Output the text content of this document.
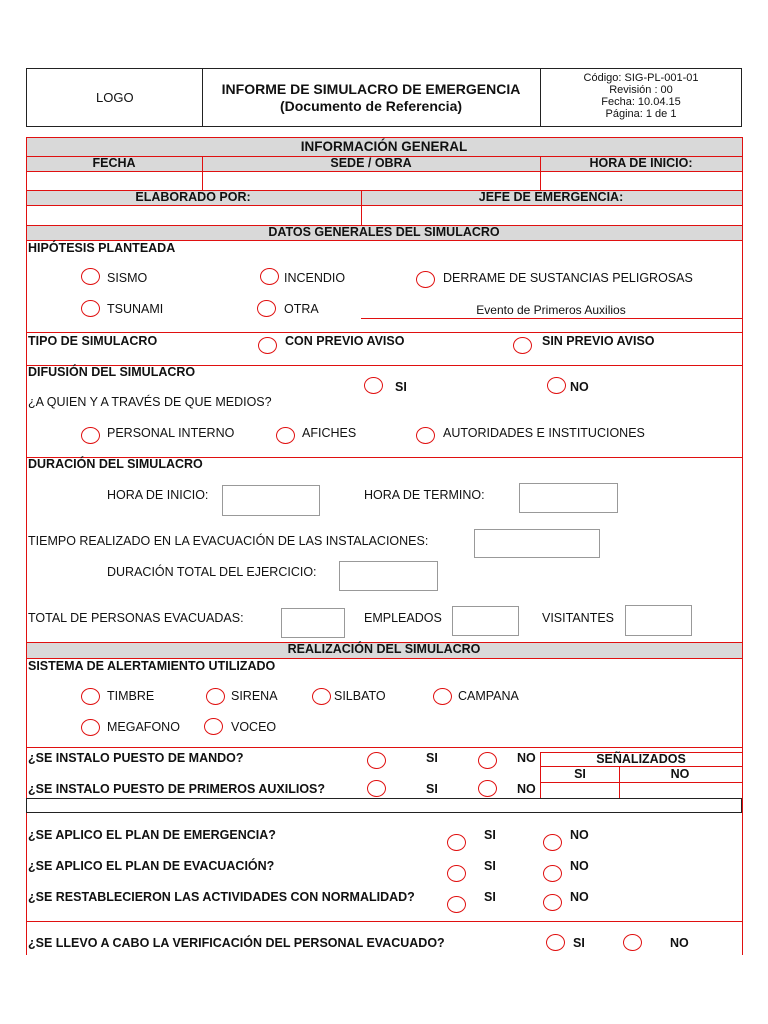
LOGO
INFORME DE SIMULACRO DE EMERGENCIA
(Documento de Referencia)
Código: SIG-PL-001-01
Revisión : 00
Fecha: 10.04.15
Página: 1 de 1
INFORMACIÓN GENERAL
FECHA	SEDE / OBRA	HORA DE INICIO:
ELABORADO POR:	JEFE DE EMERGENCIA:
DATOS GENERALES DEL SIMULACRO
HIPÓTESIS PLANTEADA
SISMO	INCENDIO	DERRAME DE SUSTANCIAS PELIGROSAS
TSUNAMI	OTRA	Evento de Primeros Auxilios
TIPO DE SIMULACRO	CON PREVIO AVISO	SIN PREVIO AVISO
DIFUSIÓN DEL SIMULACRO
SI	NO
¿A QUIEN Y A TRAVÉS DE QUE MEDIOS?
PERSONAL INTERNO	AFICHES	AUTORIDADES E INSTITUCIONES
DURACIÓN DEL SIMULACRO
HORA DE INICIO:	HORA DE TERMINO:
TIEMPO REALIZADO EN LA EVACUACIÓN DE LAS INSTALACIONES:
DURACIÓN TOTAL DEL EJERCICIO:
TOTAL DE PERSONAS EVACUADAS:	EMPLEADOS	VISITANTES
REALIZACIÓN DEL SIMULACRO
SISTEMA DE ALERTAMIENTO UTILIZADO
TIMBRE	SIRENA	SILBATO	CAMPANA
MEGAFONO	VOCEO
¿SE INSTALO PUESTO DE MANDO?	SI	NO	SEÑALIZADOS
SI	NO
¿SE INSTALO PUESTO DE PRIMEROS AUXILIOS?	SI	NO
¿SE APLICO EL PLAN DE EMERGENCIA?	SI	NO
¿SE APLICO EL PLAN DE EVACUACIÓN?	SI	NO
¿SE RESTABLECIERON LAS ACTIVIDADES CON NORMALIDAD?	SI	NO
¿SE LLEVO A CABO LA VERIFICACIÓN DEL PERSONAL EVACUADO?	SI	NO
